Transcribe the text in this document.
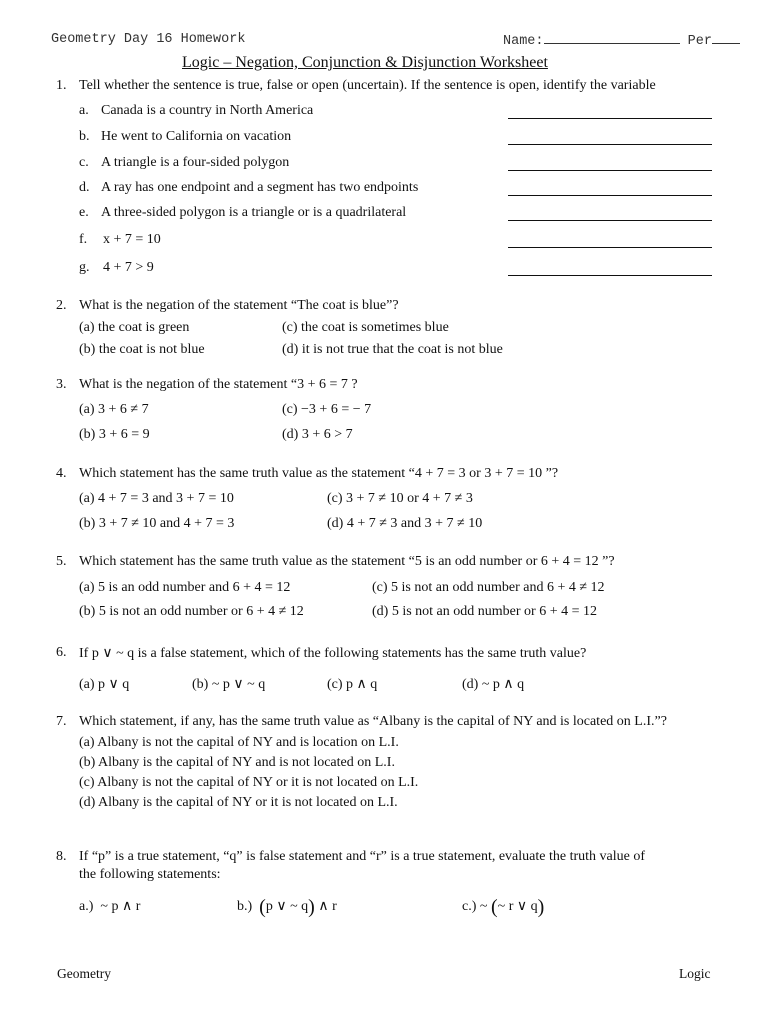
Geometry Day 16 Homework	Name:	Per
Logic – Negation, Conjunction & Disjunction Worksheet
1. Tell whether the sentence is true, false or open (uncertain). If the sentence is open, identify the variable
a. Canada is a country in North America
b. He went to California on vacation
c. A triangle is a four-sided polygon
d. A ray has one endpoint and a segment has two endpoints
e. A three-sided polygon is a triangle or is a quadrilateral
f. x + 7 = 10
g. 4 + 7 > 9
2. What is the negation of the statement “The coat is blue”?
(a) the coat is green	(c) the coat is sometimes blue
(b) the coat is not blue	(d) it is not true that the coat is not blue
3. What is the negation of the statement “3 + 6 = 7 ?
(a) 3 + 6 ≠ 7	(c) −3 + 6 = − 7
(b) 3 + 6 = 9	(d) 3 + 6 > 7
4. Which statement has the same truth value as the statement “4 + 7 = 3 or 3 + 7 = 10 ”?
(a) 4 + 7 = 3 and 3 + 7 = 10	(c) 3 + 7 ≠ 10 or 4 + 7 ≠ 3
(b) 3 + 7 ≠ 10 and 4 + 7 = 3	(d) 4 + 7 ≠ 3 and 3 + 7 ≠ 10
5. Which statement has the same truth value as the statement “5 is an odd number or 6 + 4 = 12 ”?
(a) 5 is an odd number and 6 + 4 = 12	(c) 5 is not an odd number and 6 + 4 ≠ 12
(b) 5 is not an odd number or 6 + 4 ≠ 12	(d) 5 is not an odd number or 6 + 4 = 12
6. If p ∨ ~ q is a false statement, which of the following statements has the same truth value?
(a) p ∨ q	(b) ~ p ∨ ~ q	(c) p ∧ q	(d) ~ p ∧ q
7. Which statement, if any, has the same truth value as “Albany is the capital of NY and is located on L.I.”?
(a) Albany is not the capital of NY and is location on L.I.
(b) Albany is the capital of NY and is not located on L.I.
(c) Albany is not the capital of NY or it is not located on L.I.
(d) Albany is the capital of NY or it is not located on L.I.
8. If “p” is a true statement, “q” is false statement and “r” is a true statement, evaluate the truth value of
the following statements:
a.) ~ p ∧ r	b.) (p ∨ ~ q) ∧ r	c.) ~ (~ r ∨ q)
Geometry	Logic
